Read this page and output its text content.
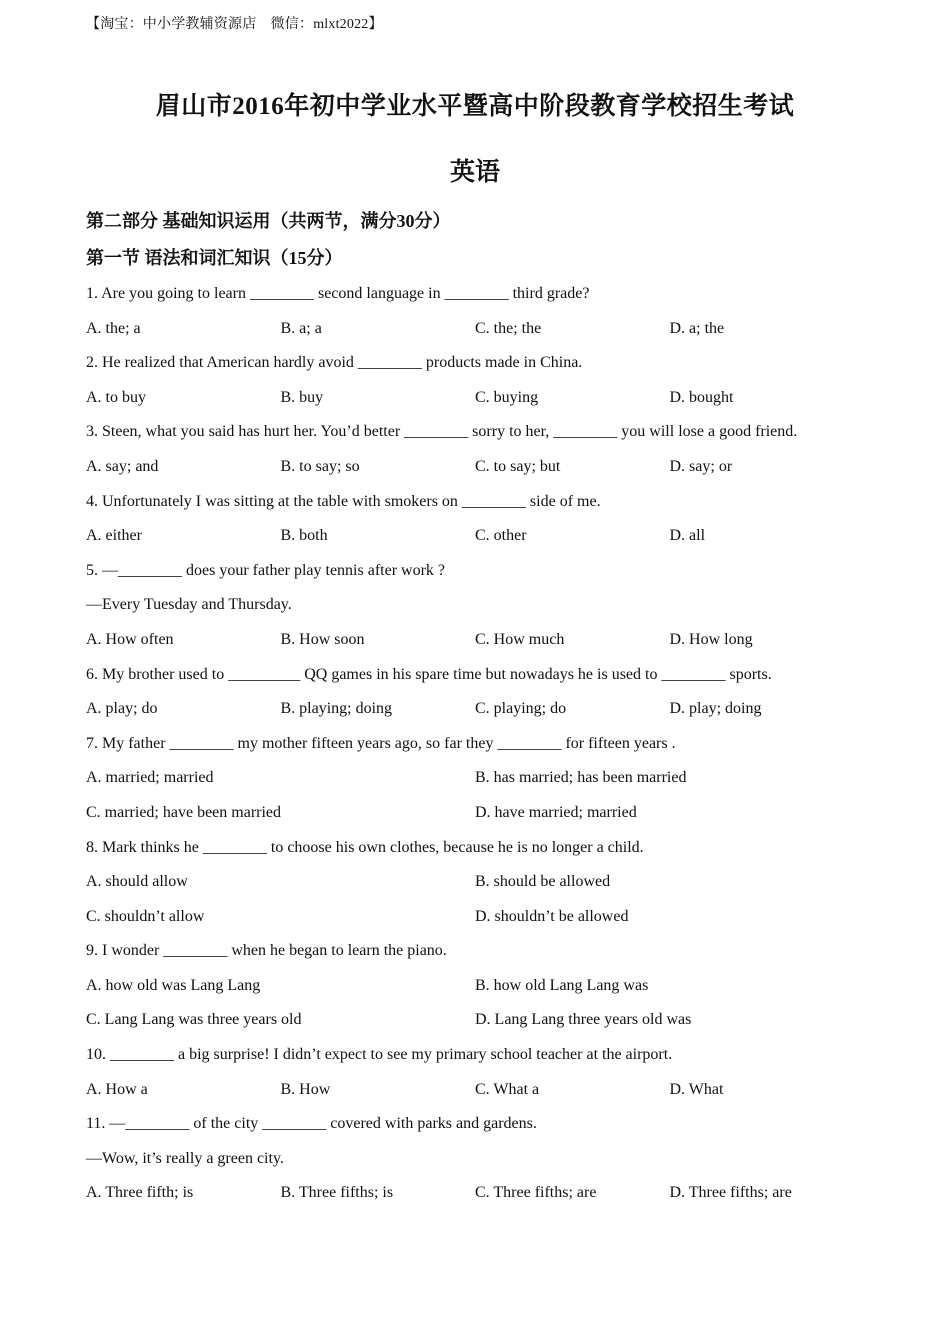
【淘宝：中小学教辅资源店　微信：mlxt2022】
眉山市2016年初中学业水平暨高中阶段教育学校招生考试
英语
第二部分 基础知识运用（共两节，满分30分）
第一节 语法和词汇知识（15分）
1. Are you going to learn ________ second language in ________ third grade?
A. the; a	B. a; a	C. the; the	D. a; the
2. He realized that American hardly avoid ________ products made in China.
A. to buy	B. buy	C. buying	D. bought
3. Steen, what you said has hurt her. You’d better ________ sorry to her, ________ you will lose a good friend.
A. say; and	B. to say; so	C. to say; but	D. say; or
4. Unfortunately I was sitting at the table with smokers on ________ side of me.
A. either	B. both	C. other	D. all
5. —________ does your father play tennis after work ?
—Every Tuesday and Thursday.
A. How often	B. How soon	C. How much	D. How long
6. My brother used to _________ QQ games in his spare time but nowadays he is used to ________ sports.
A. play; do	B. playing; doing	C. playing; do	D. play; doing
7. My father ________ my mother fifteen years ago, so far they ________ for fifteen years .
A. married; married	B. has married; has been married
C. married; have been married	D. have married; married
8. Mark thinks he ________ to choose his own clothes, because he is no longer a child.
A. should allow	B. should be allowed
C. shouldn’t allow	D. shouldn’t be allowed
9. I wonder ________ when he began to learn the piano.
A. how old was Lang Lang	B. how old Lang Lang was
C. Lang Lang was three years old	D. Lang Lang three years old was
10. ________ a big surprise! I didn’t expect to see my primary school teacher at the airport.
A. How a	B. How	C. What a	D. What
11. —________ of the city ________ covered with parks and gardens.
—Wow, it’s really a green city.
A. Three fifth; is	B. Three fifths; is	C. Three fifths; are	D. Three fifths; are
